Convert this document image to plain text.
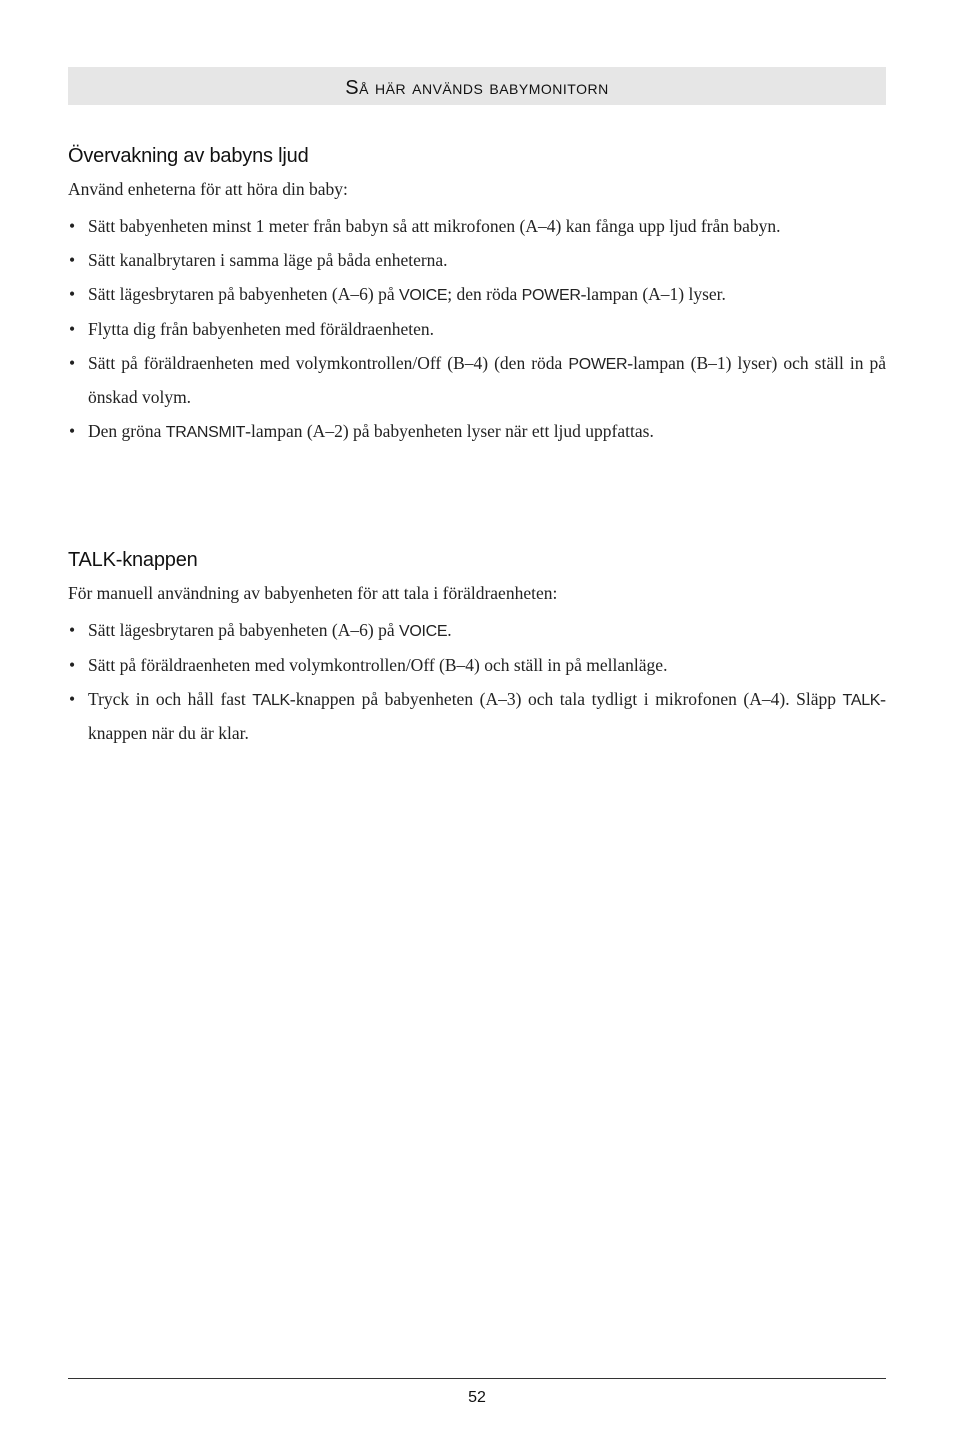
Så här används babymonitorn
Övervakning av babyns ljud

Använd enheterna för att höra din baby:

• Sätt babyenheten minst 1 meter från babyn så att mikrofonen (A–4) kan fånga upp ljud från babyn.
• Sätt kanalbrytaren i samma läge på båda enheterna.
• Sätt lägesbrytaren på babyenheten (A–6) på VOICE; den röda POWER-lampan (A–1) lyser.
• Flytta dig från babyenheten med föräldraenheten.
• Sätt på föräldraenheten med volymkontrollen/Off (B–4) (den röda POWER-lampan (B–1) lyser) och ställ in på önskad volym.
• Den gröna TRANSMIT-lampan (A–2) på babyenheten lyser när ett ljud uppfattas.
TALK-knappen

För manuell användning av babyenheten för att tala i föräldraenheten:

• Sätt lägesbrytaren på babyenheten (A–6) på VOICE.
• Sätt på föräldraenheten med volymkontrollen/Off (B–4) och ställ in på mellanläge.
• Tryck in och håll fast TALK-knappen på babyenheten (A–3) och tala tydligt i mikrofonen (A–4). Släpp TALK-knappen när du är klar.
52
